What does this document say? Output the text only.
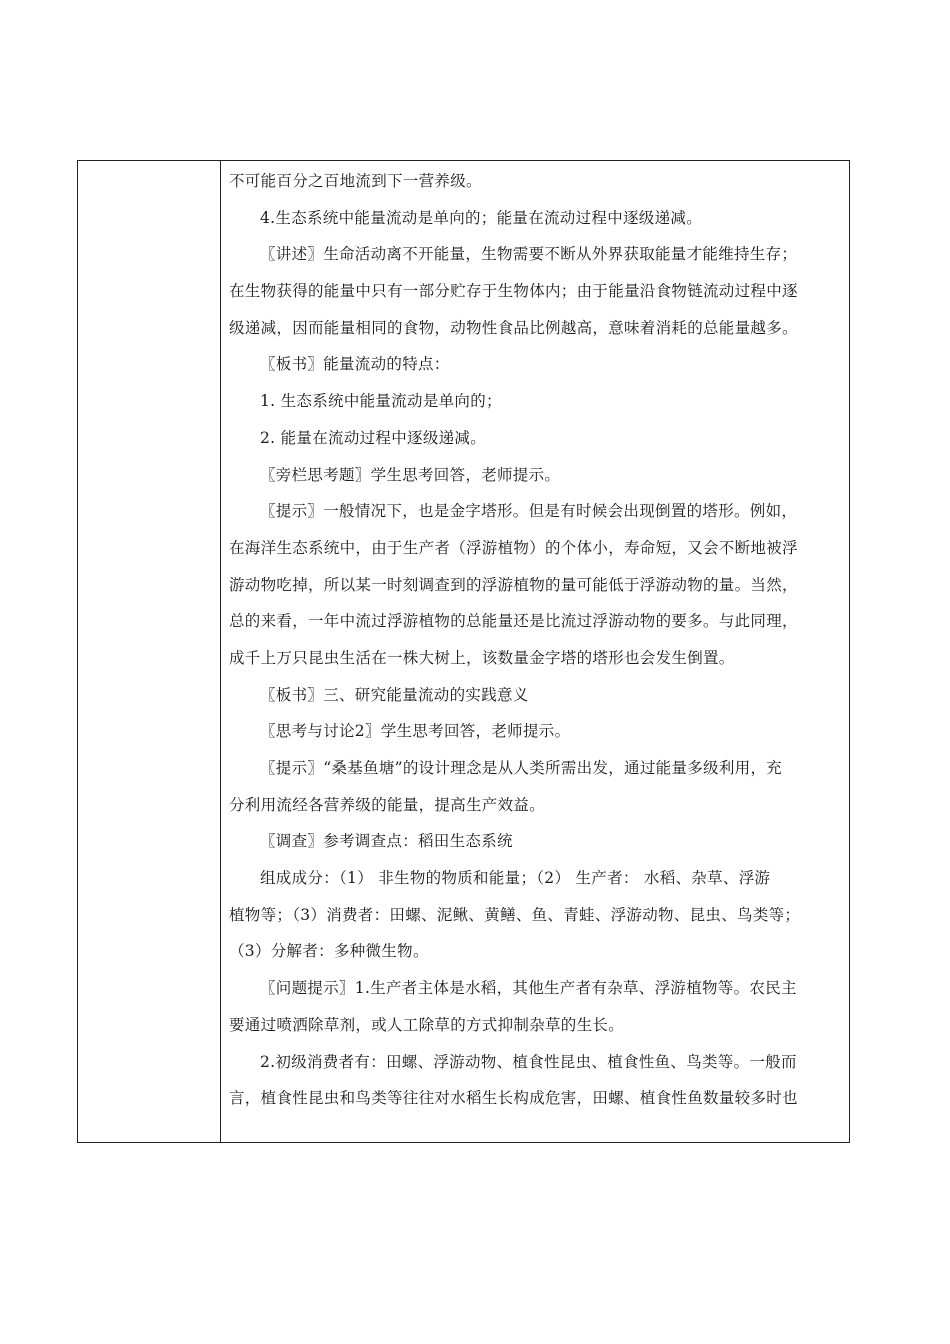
不可能百分之百地流到下一营养级。
4.生态系统中能量流动是单向的；能量在流动过程中逐级递减。
〖讲述〗生命活动离不开能量，生物需要不断从外界获取能量才能维持生存；
在生物获得的能量中只有一部分贮存于生物体内；由于能量沿食物链流动过程中逐
级递减，因而能量相同的食物，动物性食品比例越高，意味着消耗的总能量越多。
〖板书〗能量流动的特点：
1. 生态系统中能量流动是单向的；
2. 能量在流动过程中逐级递减。
〖旁栏思考题〗学生思考回答，老师提示。
〖提示〗一般情况下，也是金字塔形。但是有时候会出现倒置的塔形。例如，
在海洋生态系统中，由于生产者（浮游植物）的个体小，寿命短，又会不断地被浮
游动物吃掉，所以某一时刻调查到的浮游植物的量可能低于浮游动物的量。当然，
总的来看，一年中流过浮游植物的总能量还是比流过浮游动物的要多。与此同理，
成千上万只昆虫生活在一株大树上，该数量金字塔的塔形也会发生倒置。
〖板书〗三、研究能量流动的实践意义
〖思考与讨论2〗学生思考回答，老师提示。
〖提示〗“桑基鱼塘”的设计理念是从人类所需出发，通过能量多级利用，充
分利用流经各营养级的能量，提高生产效益。
〖调查〗参考调查点：稻田生态系统
组成成分：（1） 非生物的物质和能量；（2） 生产者： 水稻、杂草、浮游
植物等；（3）消费者：田螺、泥鳅、黄鳝、鱼、青蛙、浮游动物、昆虫、鸟类等；
（3）分解者：多种微生物。
〖问题提示〗1.生产者主体是水稻，其他生产者有杂草、浮游植物等。农民主
要通过喷洒除草剂，或人工除草的方式抑制杂草的生长。
2.初级消费者有：田螺、浮游动物、植食性昆虫、植食性鱼、鸟类等。一般而
言，植食性昆虫和鸟类等往往对水稻生长构成危害，田螺、植食性鱼数量较多时也
